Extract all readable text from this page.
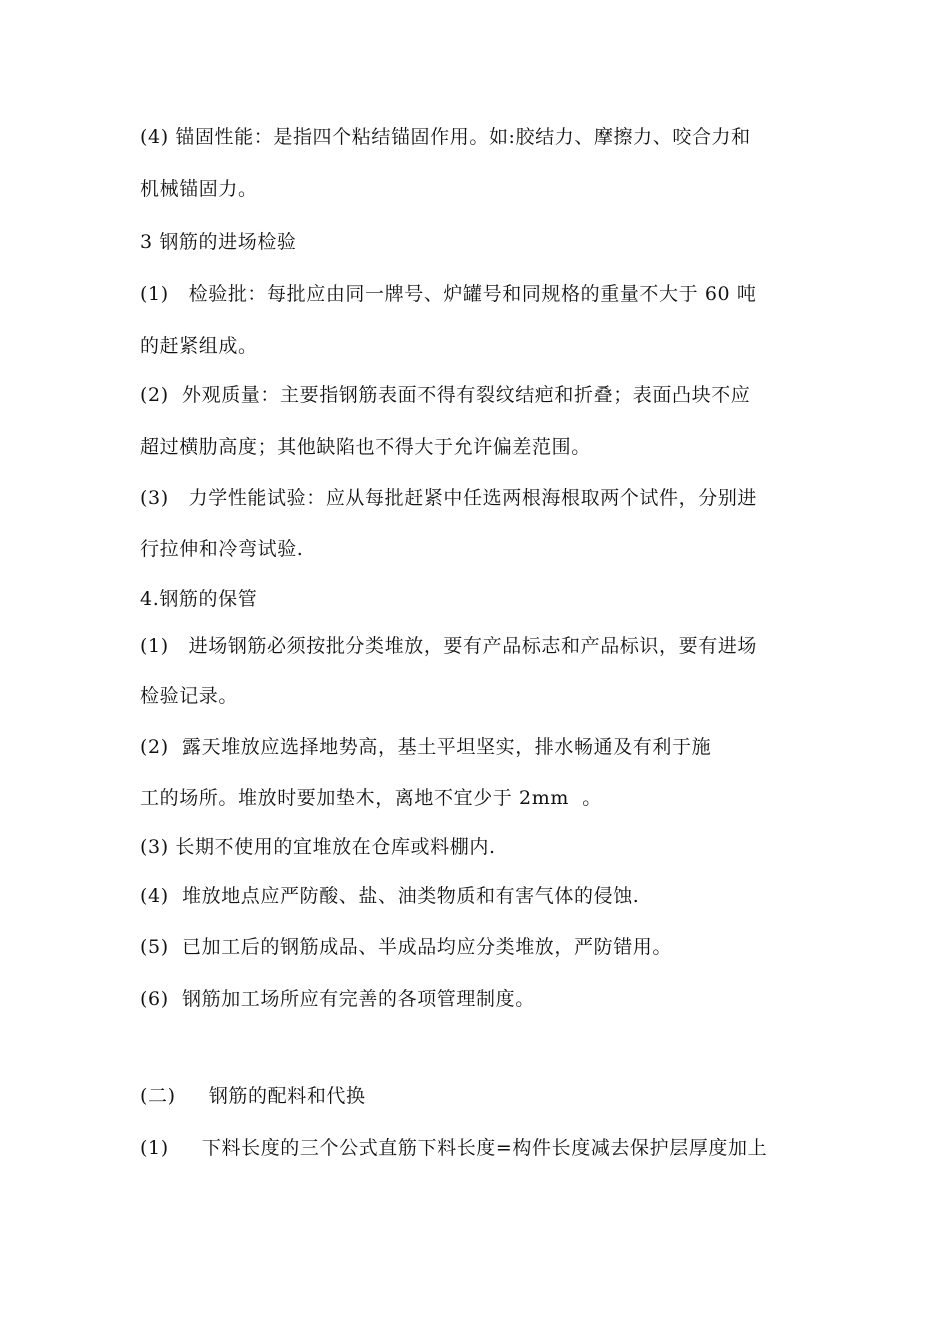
(4) 锚固性能：是指四个粘结锚固作用。如:胶结力、摩擦力、咬合力和
机械锚固力。
3 钢筋的进场检验
(1)   检验批：每批应由同一牌号、炉罐号和同规格的重量不大于 60 吨
的赶紧组成。
(2)  外观质量：主要指钢筋表面不得有裂纹结疤和折叠；表面凸块不应
超过横肋高度；其他缺陷也不得大于允许偏差范围。
(3)   力学性能试验：应从每批赶紧中任选两根海根取两个试件，分别进
行拉伸和冷弯试验.
4.钢筋的保管
(1)   进场钢筋必须按批分类堆放，要有产品标志和产品标识，要有进场
检验记录。
(2)  露天堆放应选择地势高，基土平坦坚实，排水畅通及有利于施
工的场所。堆放时要加垫木，离地不宜少于 2mm  。
(3) 长期不使用的宜堆放在仓库或料棚内.
(4)  堆放地点应严防酸、盐、油类物质和有害气体的侵蚀.
(5)  已加工后的钢筋成品、半成品均应分类堆放，严防错用。
(6)  钢筋加工场所应有完善的各项管理制度。
(二)     钢筋的配料和代换
(1)     下料长度的三个公式直筋下料长度=构件长度减去保护层厚度加上
